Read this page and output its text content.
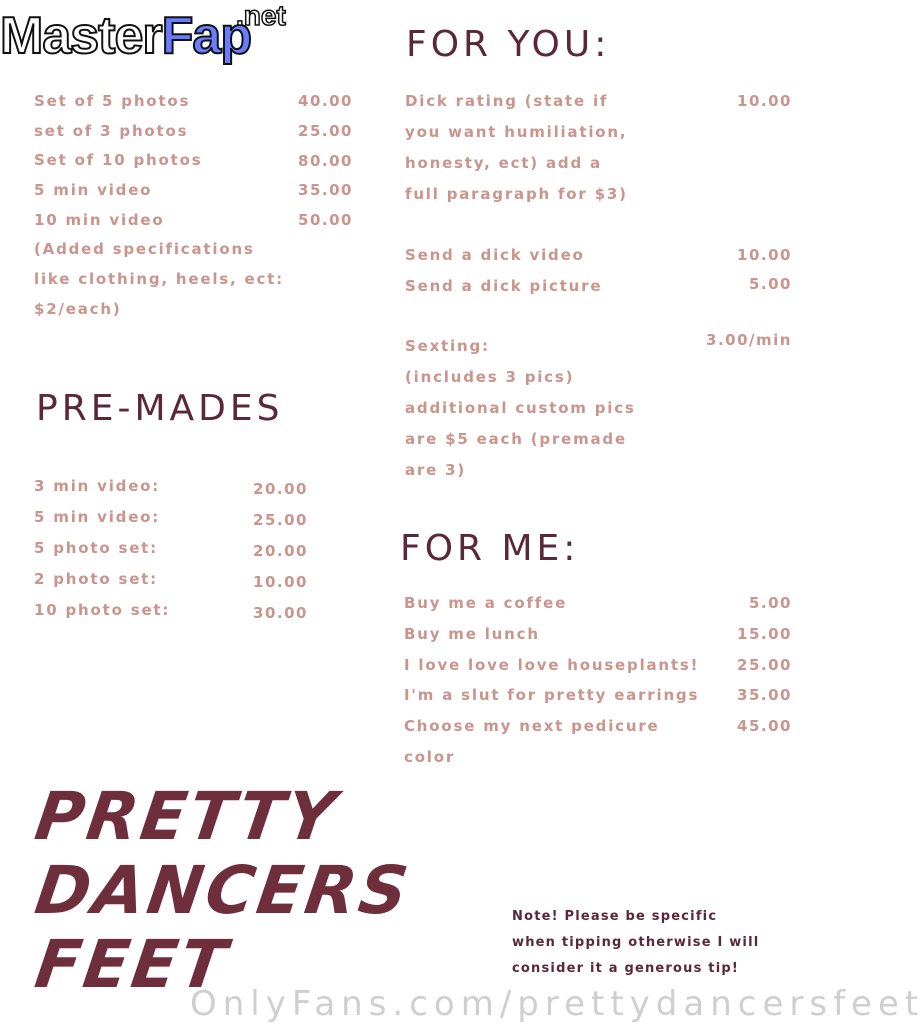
MasterFap
.net
Set of 5 photos	40.00
set of 3 photos	25.00
Set of 10 photos	80.00
5 min video	35.00
10 min video	50.00
(Added specifications
like clothing, heels, ect:
$2/each)
PRE-MADES
3 min video:	20.00
5 min video:	25.00
5 photo set:	20.00
2 photo set:	10.00
10 photo set:	30.00
FOR YOU:
Dick rating (state if
you want humiliation,
honesty, ect) add a
full paragraph for $3)
10.00
Send a dick video	10.00
Send a dick picture	5.00
Sexting:
(includes 3 pics)
additional custom pics
are $5 each (premade
are 3)
3.00/min
FOR ME:
Buy me a coffee	5.00
Buy me lunch	15.00
I love love love houseplants!	25.00
I'm a slut for pretty earrings	35.00
Choose my next pedicure	45.00
color
PRETTY
DANCERS
FEET
Note! Please be specific
when tipping otherwise I will
consider it a generous tip!
OnlyFans.com/prettydancersfeet
